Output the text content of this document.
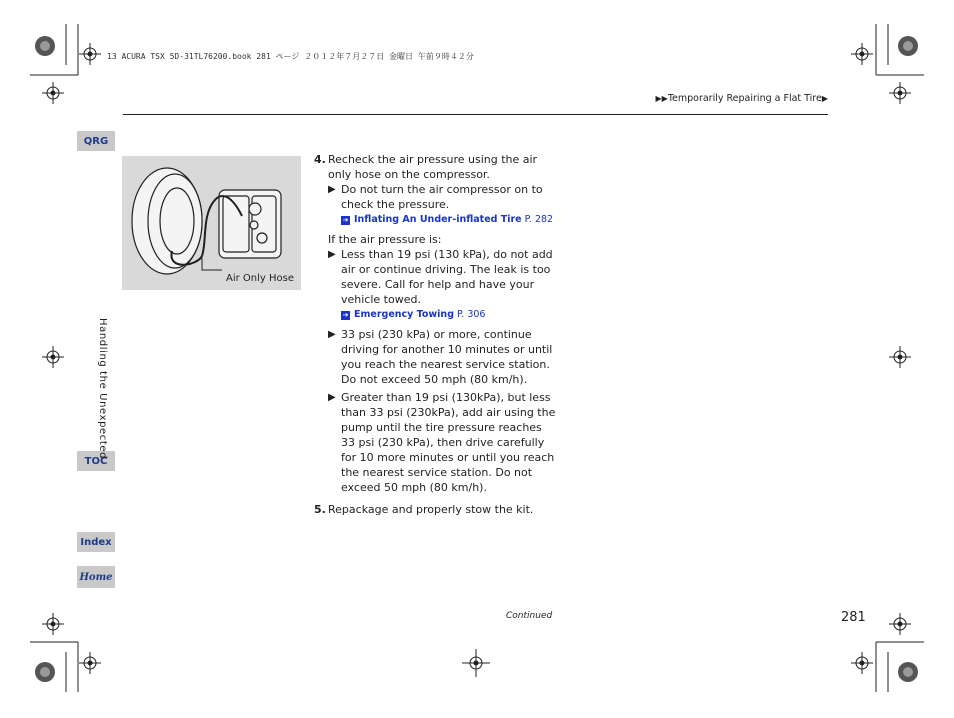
13 ACURA TSX 5D-31TL76200.book 281 ページ ２０１２年７月２７日 金曜日 午前９時４２分
▶▶Temporarily Repairing a Flat Tire▶
QRG
TOC
Index
Home
Handling the Unexpected
Air Only Hose
4. Recheck the air pressure using the air only hose on the compressor.
▶ Do not turn the air compressor on to check the pressure.
➔ Inflating An Under-inflated Tire P. 282

If the air pressure is:

▶ Less than 19 psi (130 kPa), do not add air or continue driving. The leak is too severe. Call for help and have your vehicle towed.
➔ Emergency Towing P. 306
▶ 33 psi (230 kPa) or more, continue driving for another 10 minutes or until you reach the nearest service station. Do not exceed 50 mph (80 km/h).
▶ Greater than 19 psi (130kPa), but less than 33 psi (230kPa), add air using the pump until the tire pressure reaches 33 psi (230 kPa), then drive carefully for 10 more minutes or until you reach the nearest service station. Do not exceed 50 mph (80 km/h).
5. Repackage and properly stow the kit.
Continued	281
